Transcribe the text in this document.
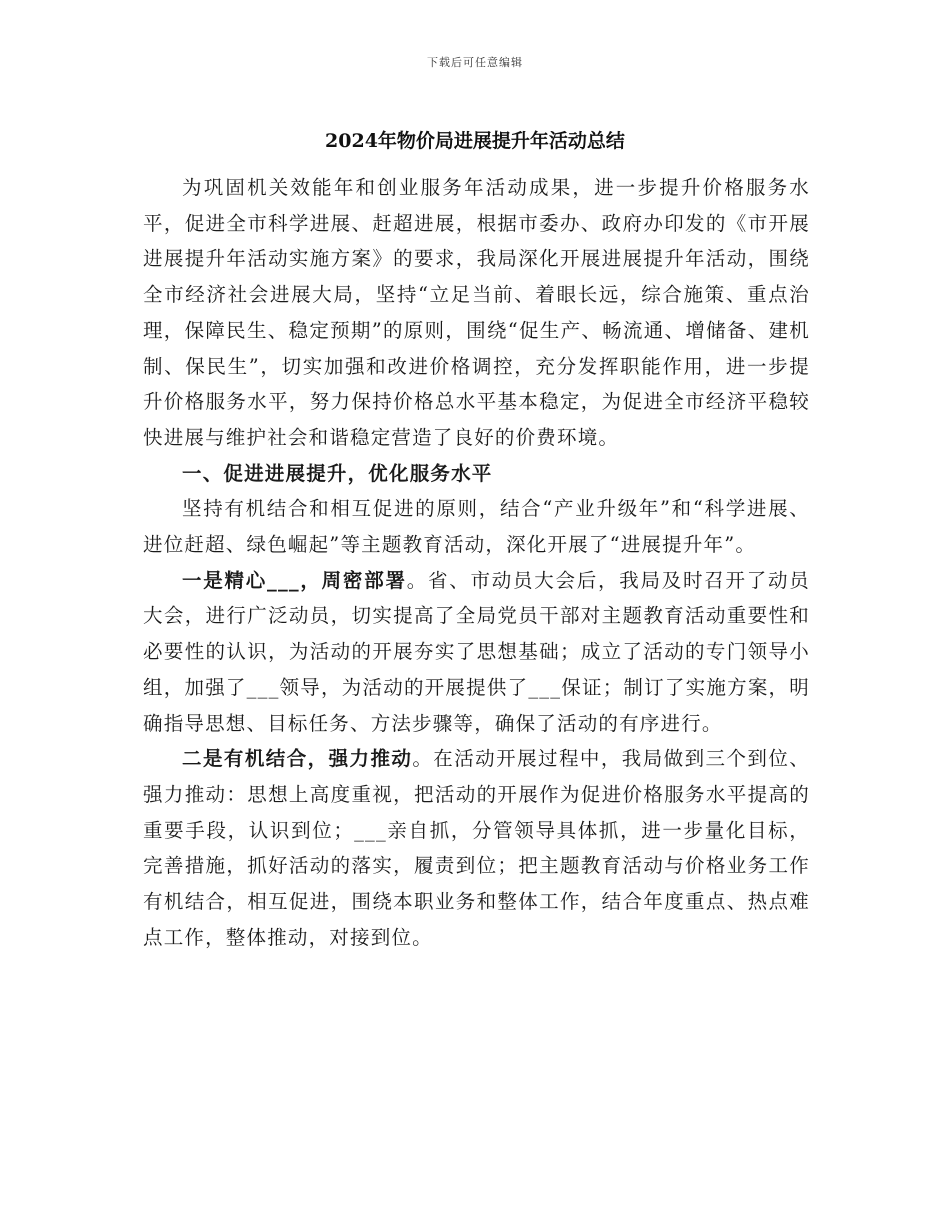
下载后可任意编辑
2024年物价局进展提升年活动总结

为巩固机关效能年和创业服务年活动成果，进一步提升价格服务水平，促进全市科学进展、赶超进展，根据市委办、政府办印发的《市开展进展提升年活动实施方案》的要求，我局深化开展进展提升年活动，围绕全市经济社会进展大局，坚持“立足当前、着眼长远，综合施策、重点治理，保障民生、稳定预期”的原则，围绕“促生产、畅流通、增储备、建机制、保民生”，切实加强和改进价格调控，充分发挥职能作用，进一步提升价格服务水平，努力保持价格总水平基本稳定，为促进全市经济平稳较快进展与维护社会和谐稳定营造了良好的价费环境。

一、促进进展提升，优化服务水平

坚持有机结合和相互促进的原则，结合“产业升级年”和“科学进展、进位赶超、绿色崛起”等主题教育活动，深化开展了“进展提升年”。

一是精心___，周密部署。省、市动员大会后，我局及时召开了动员大会，进行广泛动员，切实提高了全局党员干部对主题教育活动重要性和必要性的认识，为活动的开展夯实了思想基础；成立了活动的专门领导小组，加强了___领导，为活动的开展提供了___保证；制订了实施方案，明确指导思想、目标任务、方法步骤等，确保了活动的有序进行。

二是有机结合，强力推动。在活动开展过程中，我局做到三个到位、强力推动：思想上高度重视，把活动的开展作为促进价格服务水平提高的重要手段，认识到位；___亲自抓，分管领导具体抓，进一步量化目标，完善措施，抓好活动的落实，履责到位；把主题教育活动与价格业务工作有机结合，相互促进，围绕本职业务和整体工作，结合年度重点、热点难点工作，整体推动，对接到位。
